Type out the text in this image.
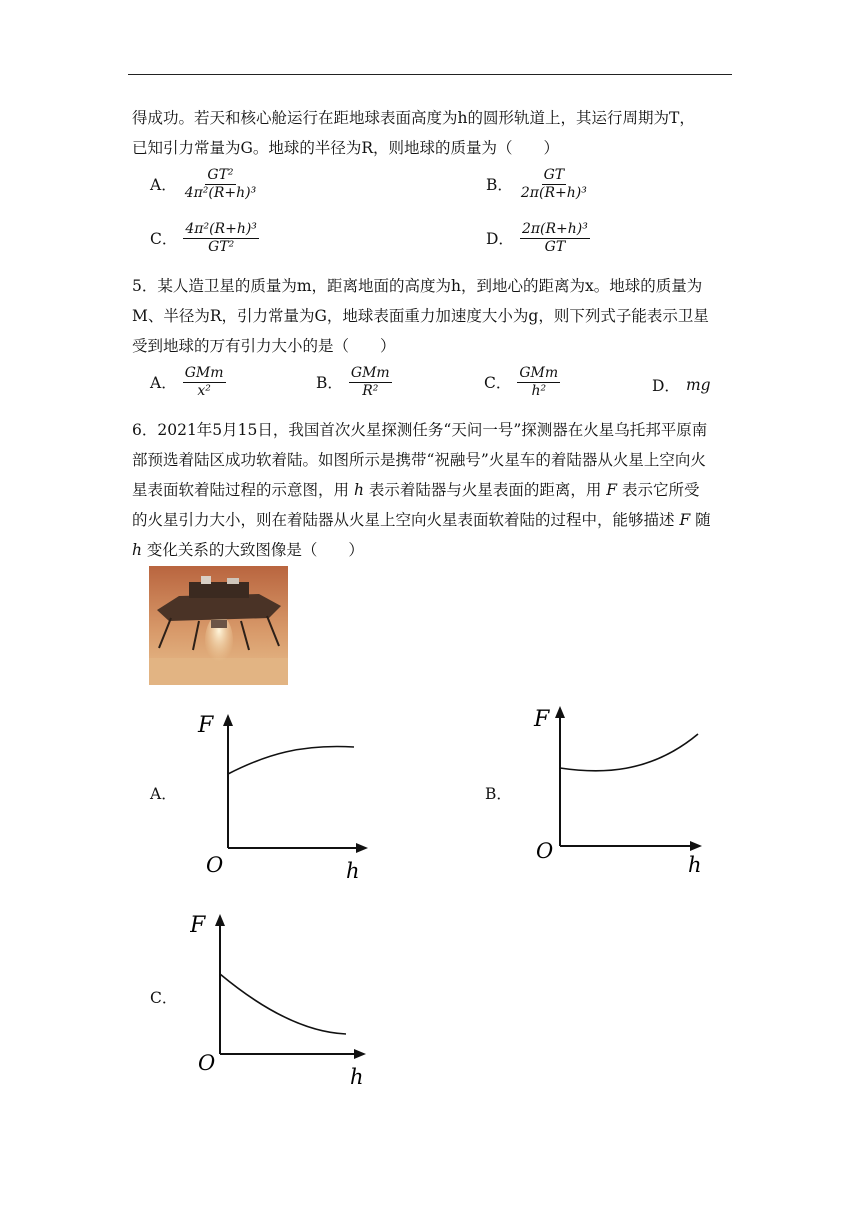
得成功。若天和核心舱运行在距地球表面高度为h的圆形轨道上，其运行周期为T，
已知引力常量为G。地球的半径为R，则地球的质量为（　　）
A． $\frac{\text{GT²}}{\text{4π²(R+h)³}}$	B． $\frac{GT}{\text{2π(R+h)³}}$
C． $\frac{\text{4π²(R+h)³}}{\text{GT²}}$	D． $\frac{\text{2π(R+h)³}}{GT}$
5．某人造卫星的质量为m，距离地面的高度为h，到地心的距离为x。地球的质量为
M、半径为R，引力常量为G，地球表面重力加速度大小为g，则下列式子能表示卫星
受到地球的万有引力大小的是（　　）
A． $\frac{\text{GMm}}{\text{x²}}$	B． $\frac{\text{GMm}}{\text{R²}}$	C． $\frac{\text{GMm}}{\text{h²}}$	D． mg
6．2021年5月15日，我国首次火星探测任务“天问一号”探测器在火星乌托邦平原南
部预选着陆区成功软着陆。如图所示是携带“祝融号”火星车的着陆器从火星上空向火
星表面软着陆过程的示意图，用 h 表示着陆器与火星表面的距离，用 F 表示它所受
的火星引力大小，则在着陆器从火星上空向火星表面软着陆的过程中，能够描述 F 随
h 变化关系的大致图像是（　　）
A．
F
O	h
B．
F
O
h
C．
F
O
h
